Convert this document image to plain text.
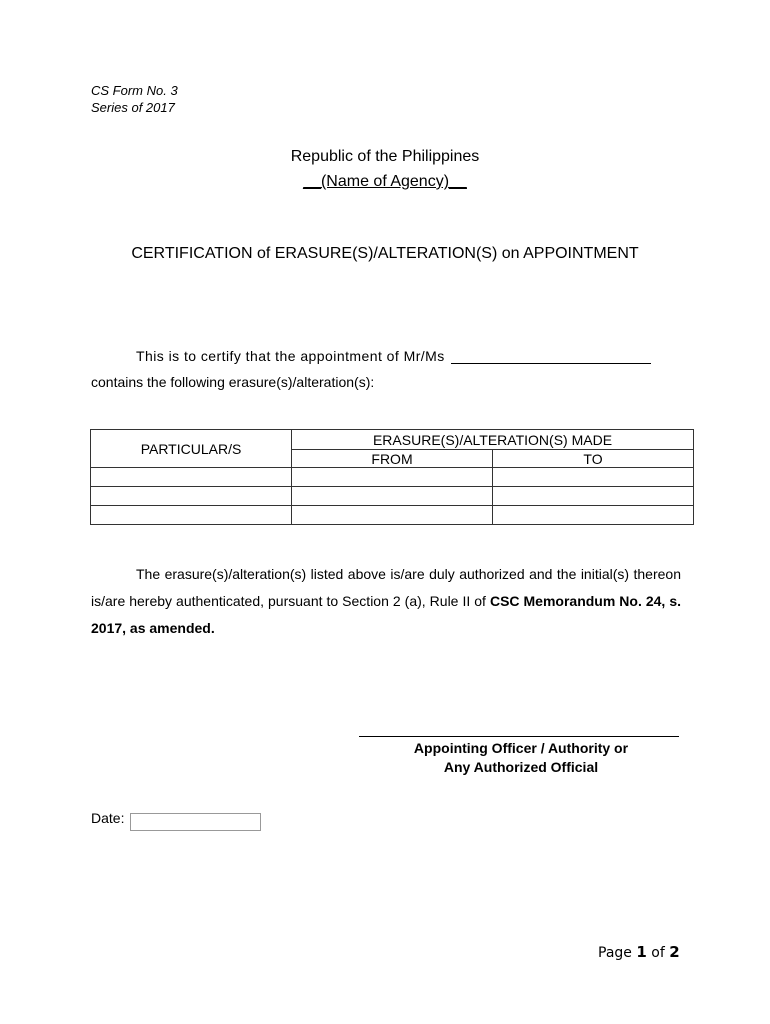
CS Form No. 3
Series of 2017
Republic of the Philippines
__(Name of Agency)__
CERTIFICATION of ERASURE(S)/ALTERATION(S) on APPOINTMENT
This is to certify that the appointment of Mr/Ms
contains the following erasure(s)/alteration(s):
PARTICULAR/S	ERASURE(S)/ALTERATION(S) MADE	
	FROM	TO

The erasure(s)/alteration(s) listed above is/are duly authorized and the initial(s) thereon is/are hereby authenticated, pursuant to Section 2 (a), Rule II of CSC Memorandum No. 24, s. 2017, as amended.
Appointing Officer / Authority or
Any Authorized Official
Date:
Page 1 of 2
